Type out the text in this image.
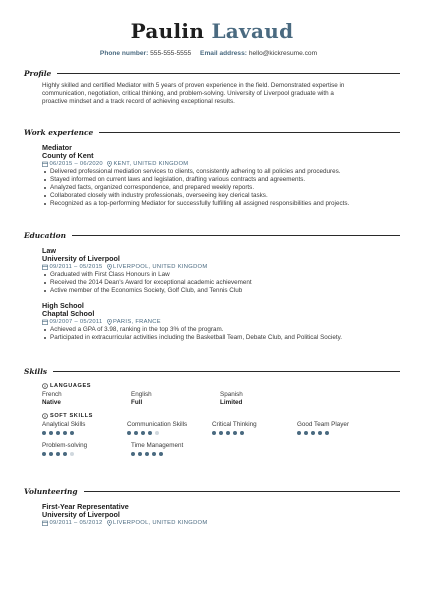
Paulin Lavaud
Phone number: 555-555-5555 Email address: hello@kickresume.com
Profile
Highly skilled and certified Mediator with 5 years of proven experience in the field. Demonstrated expertise in
communication, negotiation, critical thinking, and problem-solving. University of Liverpool graduate with a
proactive mindset and a track record of achieving exceptional results.
Work experience
Mediator
County of Kent
06/2015 – 06/2020 KENT, UNITED KINGDOM
Delivered professional mediation services to clients, consistently adhering to all policies and procedures.
Stayed informed on current laws and legislation, drafting various contracts and agreements.
Analyzed facts, organized correspondence, and prepared weekly reports.
Collaborated closely with industry professionals, overseeing key clerical tasks.
Recognized as a top-performing Mediator for successfully fulfilling all assigned responsibilities and projects.
Education
Law
University of Liverpool
09/2011 – 05/2015 LIVERPOOL, UNITED KINGDOM
Graduated with First Class Honours in Law
Received the 2014 Dean's Award for exceptional academic achievement
Active member of the Economics Society, Golf Club, and Tennis Club
High School
Chaptal School
09/2007 – 05/2011 PARIS, FRANCE
Achieved a GPA of 3.98, ranking in the top 3% of the program.
Participated in extracurricular activities including the Basketball Team, Debate Club, and Political Society.
Skills
LANGUAGES
French
Native
English
Full
Spanish
Limited
SOFT SKILLS
Analytical Skills	Communication Skills	Critical Thinking	Good Team Player
Problem-solving	Time Management
Volunteering
First-Year Representative
University of Liverpool
09/2011 – 05/2012 LIVERPOOL, UNITED KINGDOM
